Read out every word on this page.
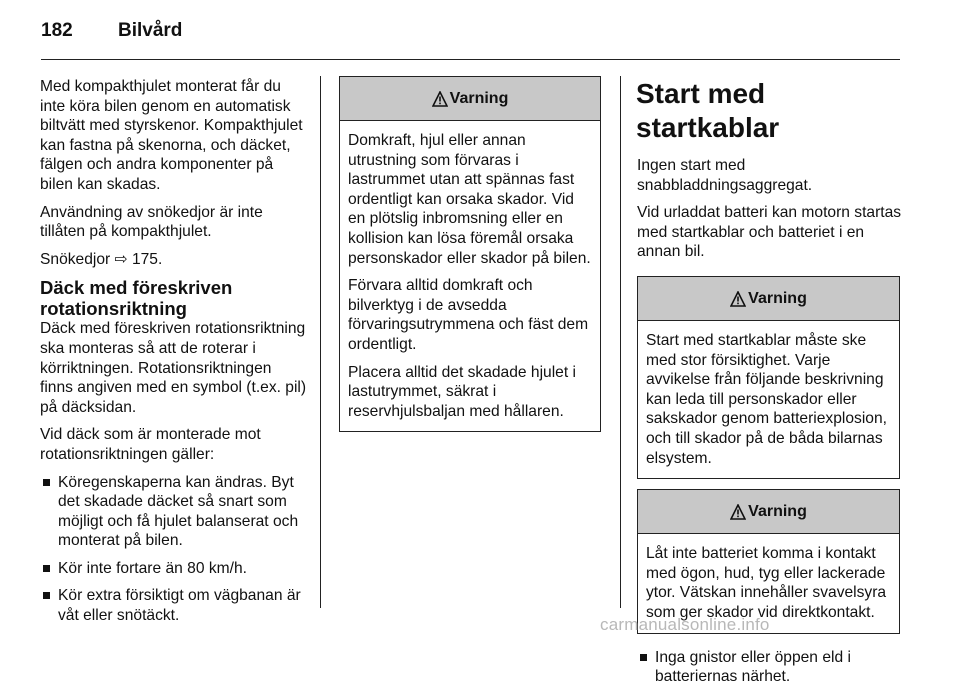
182 Bilvård

Med kompakthjulet monterat får du inte köra bilen genom en automatisk biltvätt med styrskenor. Kompakthjulet kan fastna på skenorna, och däcket, fälgen och andra komponenter på bilen kan skadas.

Användning av snökedjor är inte tillåten på kompakthjulet.

Snökedjor ⇨ 175.

Däck med föreskriven rotationsriktning

Däck med föreskriven rotationsriktning ska monteras så att de roterar i körriktningen. Rotationsriktningen finns angiven med en symbol (t.ex. pil) på däcksidan.

Vid däck som är monterade mot rotationsriktningen gäller:

Köregenskaperna kan ändras. Byt det skadade däcket så snart som möjligt och få hjulet balanserat och monterat på bilen.
Kör inte fortare än 80 km/h.
Kör extra försiktigt om vägbanan är våt eller snötäckt.
Varning

Domkraft, hjul eller annan utrustning som förvaras i lastrummet utan att spännas fast ordentligt kan orsaka skador. Vid en plötslig inbromsning eller en kollision kan lösa föremål orsaka personskador eller skador på bilen.

Förvara alltid domkraft och bilverktyg i de avsedda förvaringsutrymmena och fäst dem ordentligt.

Placera alltid det skadade hjulet i lastutrymmet, säkrat i reservhjulsbaljan med hållaren.

Start med startkablar

Ingen start med snabbladdningsaggregat.

Vid urladdat batteri kan motorn startas med startkablar och batteriet i en annan bil.

Varning

Start med startkablar måste ske med stor försiktighet. Varje avvikelse från följande beskrivning kan leda till personskador eller sakskador genom batteriexplosion, och till skador på de båda bilarnas elsystem.

Varning

Låt inte batteriet komma i kontakt med ögon, hud, tyg eller lackerade ytor. Vätskan innehåller svavelsyra som ger skador vid direktkontakt.

Inga gnistor eller öppen eld i batteriernas närhet.
carmanualsonline.info
